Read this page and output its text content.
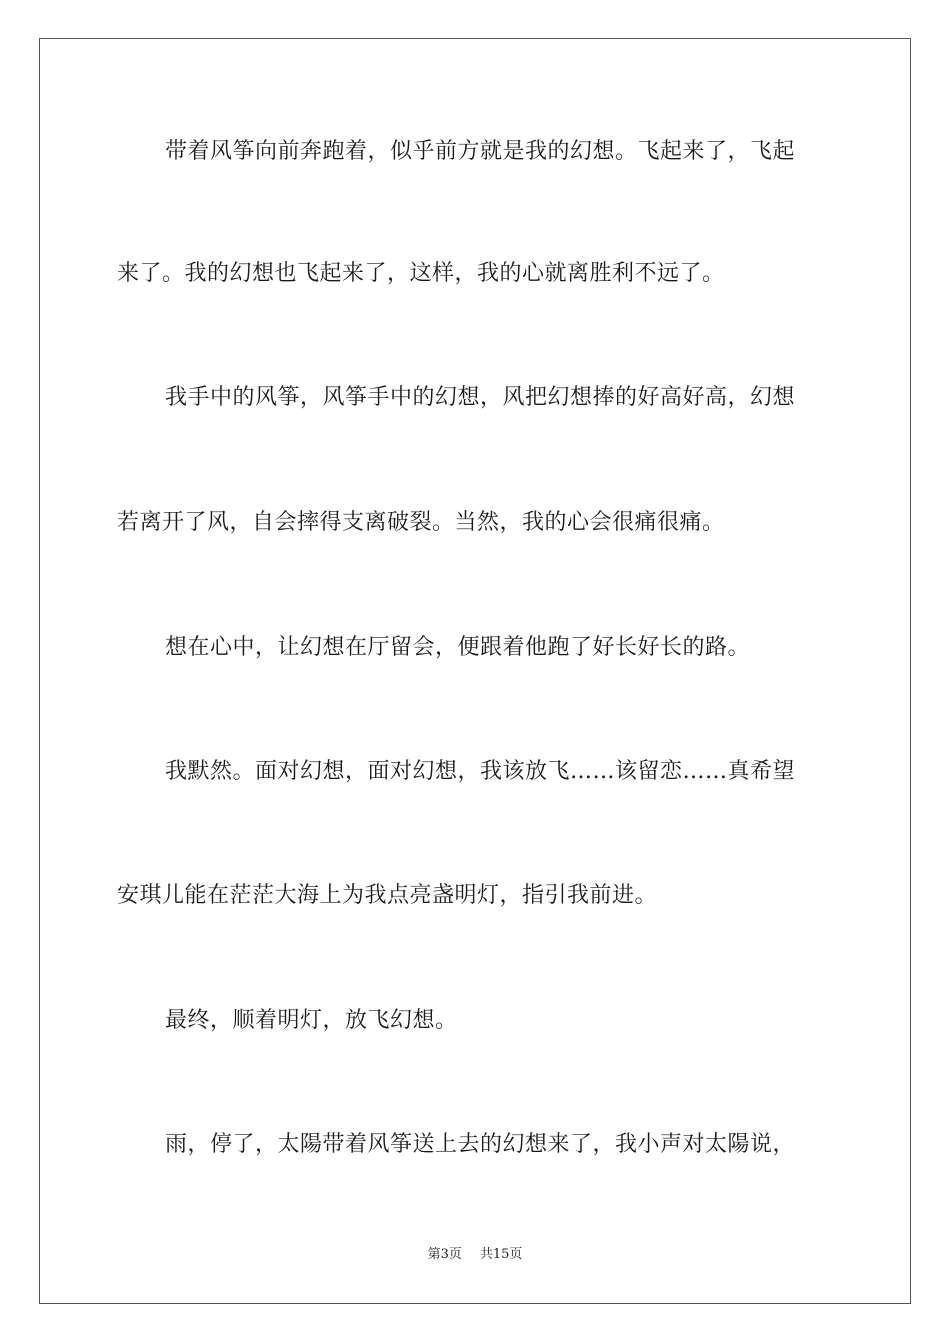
带着风筝向前奔跑着，似乎前方就是我的幻想。飞起来了，飞起
来了。我的幻想也飞起来了，这样，我的心就离胜利不远了。
我手中的风筝，风筝手中的幻想，风把幻想捧的好高好高，幻想
若离开了风，自会摔得支离破裂。当然，我的心会很痛很痛。
想在心中，让幻想在厅留会，便跟着他跑了好长好长的路。
我默然。面对幻想，面对幻想，我该放飞……该留恋……真希望
安琪儿能在茫茫大海上为我点亮盏明灯，指引我前进。
最终，顺着明灯，放飞幻想。
雨，停了，太陽带着风筝送上去的幻想来了，我小声对太陽说，
第3页 共15页
